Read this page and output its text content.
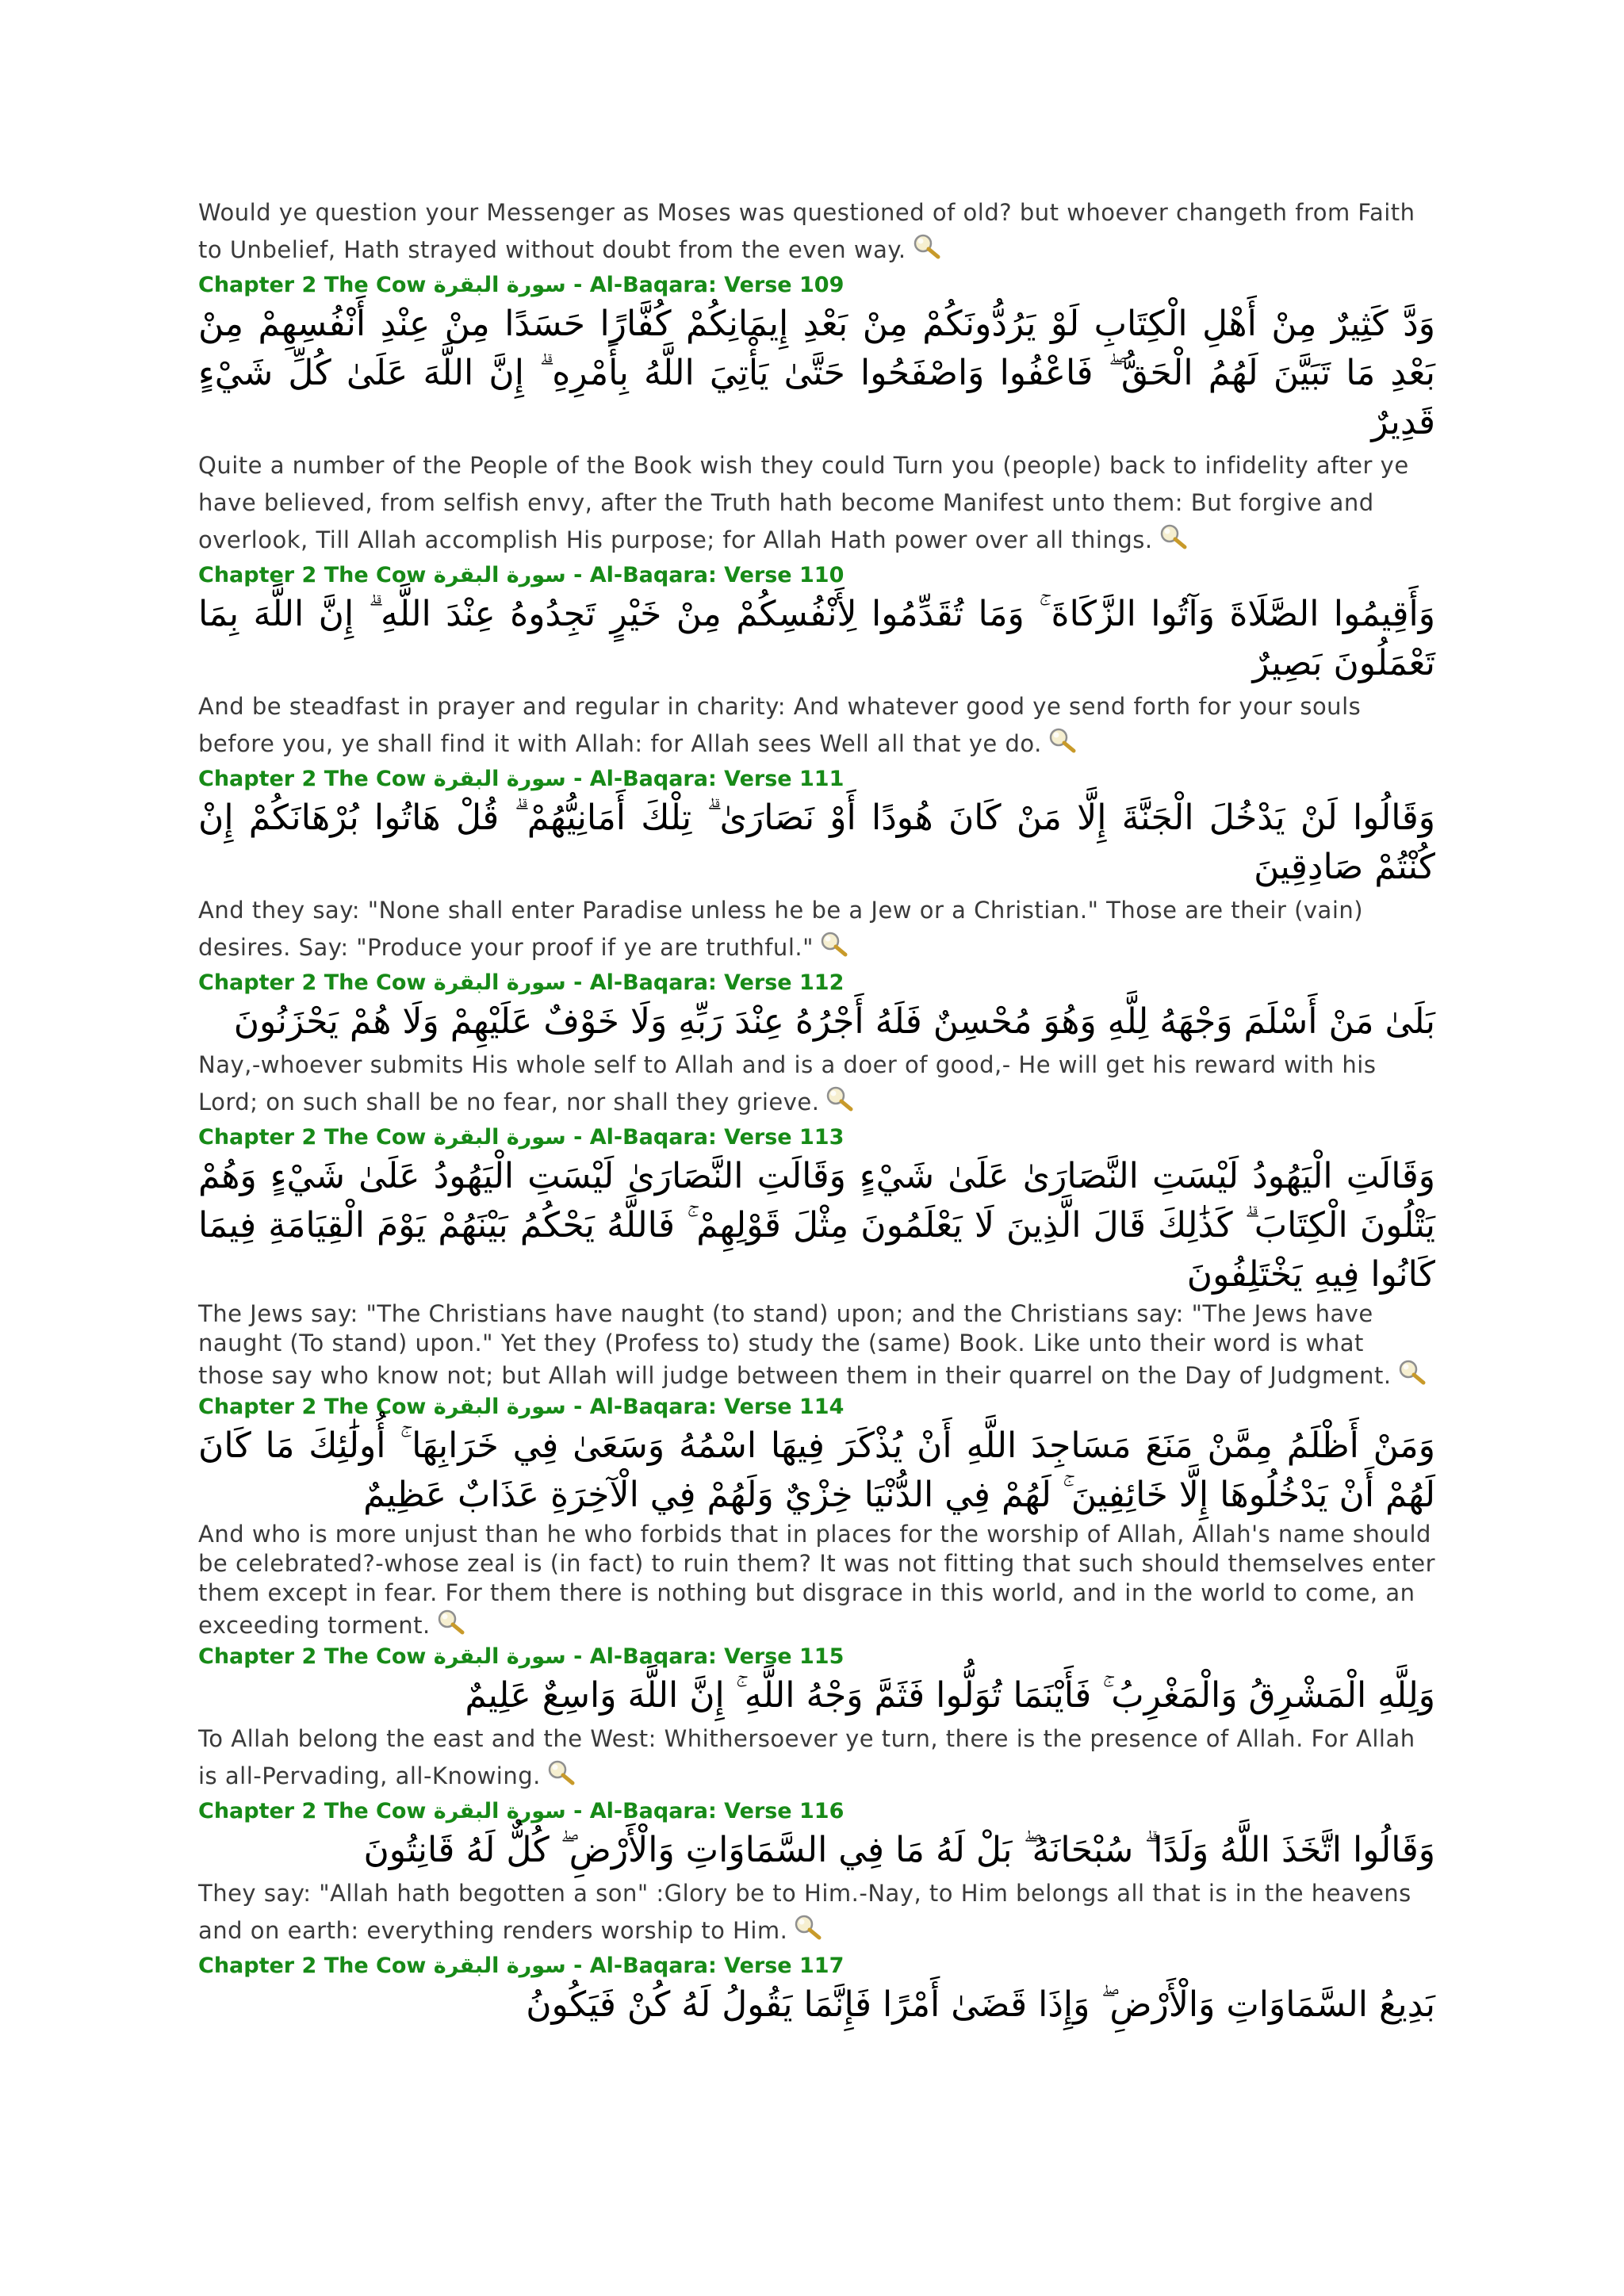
Would ye question your Messenger as Moses was questioned of old? but whoever changeth from Faith to Unbelief, Hath strayed without doubt from the even way.

Chapter 2 The Cow سورة البقرة - Al-Baqara: Verse 109

وَدَّ كَثِيرٌ مِنْ أَهْلِ الْكِتَابِ لَوْ يَرُدُّونَكُمْ مِنْ بَعْدِ إِيمَانِكُمْ كُفَّارًا حَسَدًا مِنْ عِنْدِ أَنْفُسِهِمْ مِنْ بَعْدِ مَا تَبَيَّنَ لَهُمُ الْحَقُّ ۖ فَاعْفُوا وَاصْفَحُوا حَتَّىٰ يَأْتِيَ اللَّهُ بِأَمْرِهِ ۗ إِنَّ اللَّهَ عَلَىٰ كُلِّ شَيْءٍ قَدِيرٌ

Quite a number of the People of the Book wish they could Turn you (people) back to infidelity after ye have believed, from selfish envy, after the Truth hath become Manifest unto them: But forgive and overlook, Till Allah accomplish His purpose; for Allah Hath power over all things.

Chapter 2 The Cow سورة البقرة - Al-Baqara: Verse 110

وَأَقِيمُوا الصَّلَاةَ وَآتُوا الزَّكَاةَ ۚ وَمَا تُقَدِّمُوا لِأَنْفُسِكُمْ مِنْ خَيْرٍ تَجِدُوهُ عِنْدَ اللَّهِ ۗ إِنَّ اللَّهَ بِمَا تَعْمَلُونَ بَصِيرٌ

And be steadfast in prayer and regular in charity: And whatever good ye send forth for your souls before you, ye shall find it with Allah: for Allah sees Well all that ye do.

Chapter 2 The Cow سورة البقرة - Al-Baqara: Verse 111

وَقَالُوا لَنْ يَدْخُلَ الْجَنَّةَ إِلَّا مَنْ كَانَ هُودًا أَوْ نَصَارَىٰ ۗ تِلْكَ أَمَانِيُّهُمْ ۗ قُلْ هَاتُوا بُرْهَانَكُمْ إِنْ كُنْتُمْ صَادِقِينَ

And they say: "None shall enter Paradise unless he be a Jew or a Christian." Those are their (vain) desires. Say: "Produce your proof if ye are truthful."

Chapter 2 The Cow سورة البقرة - Al-Baqara: Verse 112

بَلَىٰ مَنْ أَسْلَمَ وَجْهَهُ لِلَّهِ وَهُوَ مُحْسِنٌ فَلَهُ أَجْرُهُ عِنْدَ رَبِّهِ وَلَا خَوْفٌ عَلَيْهِمْ وَلَا هُمْ يَحْزَنُونَ

Nay,-whoever submits His whole self to Allah and is a doer of good,- He will get his reward with his Lord; on such shall be no fear, nor shall they grieve.

Chapter 2 The Cow سورة البقرة - Al-Baqara: Verse 113

وَقَالَتِ الْيَهُودُ لَيْسَتِ النَّصَارَىٰ عَلَىٰ شَيْءٍ وَقَالَتِ النَّصَارَىٰ لَيْسَتِ الْيَهُودُ عَلَىٰ شَيْءٍ وَهُمْ يَتْلُونَ الْكِتَابَ ۗ كَذَٰلِكَ قَالَ الَّذِينَ لَا يَعْلَمُونَ مِثْلَ قَوْلِهِمْ ۚ فَاللَّهُ يَحْكُمُ بَيْنَهُمْ يَوْمَ الْقِيَامَةِ فِيمَا كَانُوا فِيهِ يَخْتَلِفُونَ

The Jews say: "The Christians have naught (to stand) upon; and the Christians say: "The Jews have naught (To stand) upon." Yet they (Profess to) study the (same) Book. Like unto their word is what those say who know not; but Allah will judge between them in their quarrel on the Day of Judgment.

Chapter 2 The Cow سورة البقرة - Al-Baqara: Verse 114

وَمَنْ أَظْلَمُ مِمَّنْ مَنَعَ مَسَاجِدَ اللَّهِ أَنْ يُذْكَرَ فِيهَا اسْمُهُ وَسَعَىٰ فِي خَرَابِهَا ۚ أُولَٰئِكَ مَا كَانَ لَهُمْ أَنْ يَدْخُلُوهَا إِلَّا خَائِفِينَ ۚ لَهُمْ فِي الدُّنْيَا خِزْيٌ وَلَهُمْ فِي الْآخِرَةِ عَذَابٌ عَظِيمٌ

And who is more unjust than he who forbids that in places for the worship of Allah, Allah's name should be celebrated?-whose zeal is (in fact) to ruin them? It was not fitting that such should themselves enter them except in fear. For them there is nothing but disgrace in this world, and in the world to come, an exceeding torment.

Chapter 2 The Cow سورة البقرة - Al-Baqara: Verse 115

وَلِلَّهِ الْمَشْرِقُ وَالْمَغْرِبُ ۚ فَأَيْنَمَا تُوَلُّوا فَثَمَّ وَجْهُ اللَّهِ ۚ إِنَّ اللَّهَ وَاسِعٌ عَلِيمٌ

To Allah belong the east and the West: Whithersoever ye turn, there is the presence of Allah. For Allah is all-Pervading, all-Knowing.

Chapter 2 The Cow سورة البقرة - Al-Baqara: Verse 116

وَقَالُوا اتَّخَذَ اللَّهُ وَلَدًا ۗ سُبْحَانَهُ ۖ بَلْ لَهُ مَا فِي السَّمَاوَاتِ وَالْأَرْضِ ۖ كُلٌّ لَهُ قَانِتُونَ

They say: "Allah hath begotten a son" :Glory be to Him.-Nay, to Him belongs all that is in the heavens and on earth: everything renders worship to Him.

Chapter 2 The Cow سورة البقرة - Al-Baqara: Verse 117

بَدِيعُ السَّمَاوَاتِ وَالْأَرْضِ ۖ وَإِذَا قَضَىٰ أَمْرًا فَإِنَّمَا يَقُولُ لَهُ كُنْ فَيَكُونُ
